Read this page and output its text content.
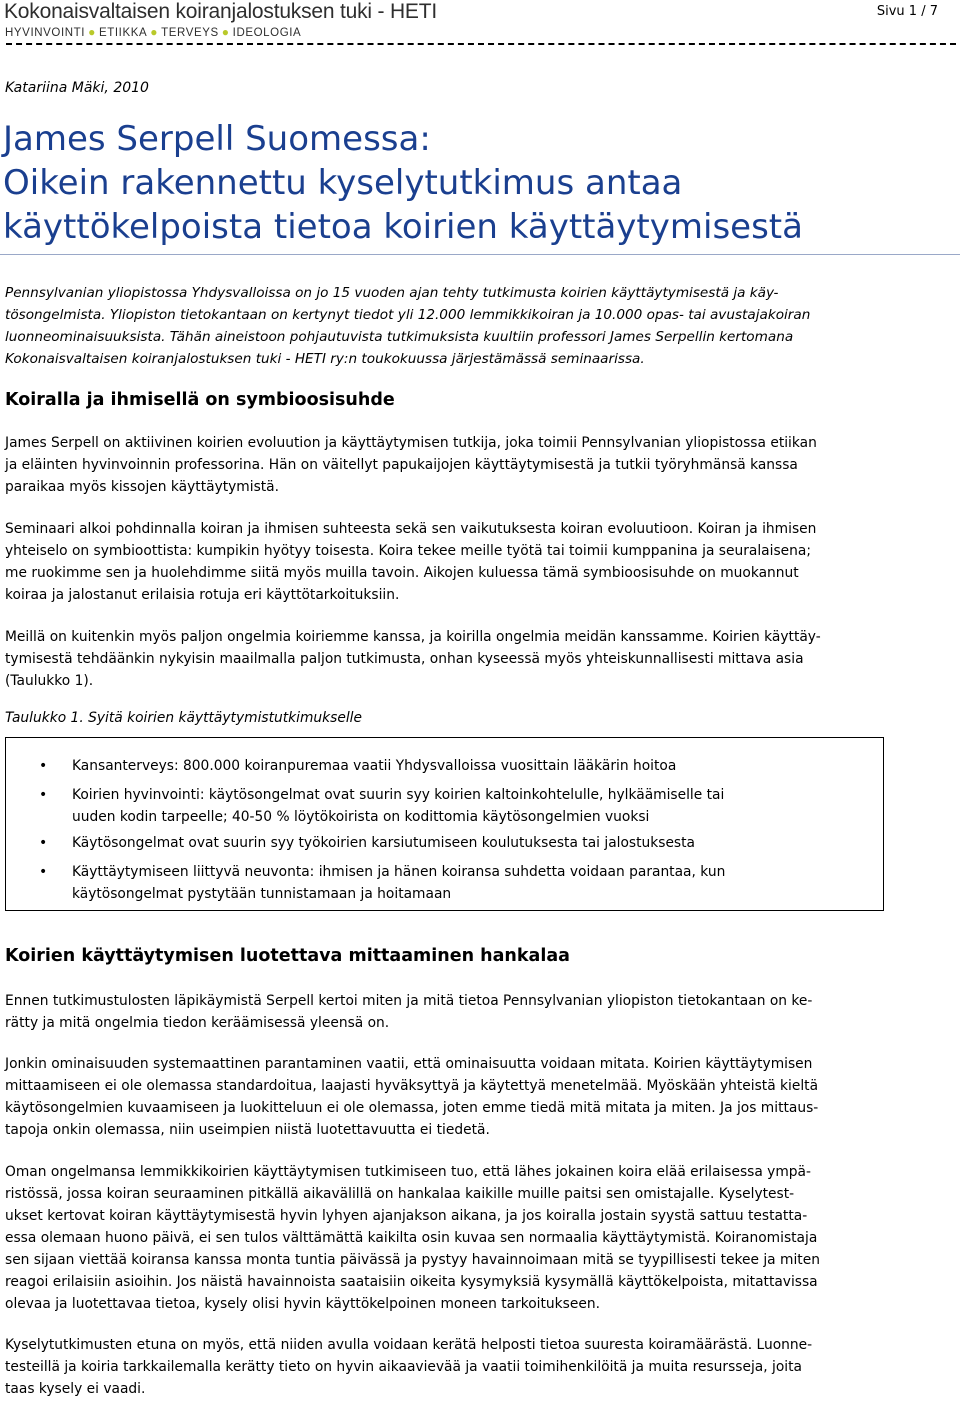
Kokonaisvaltaisen koiranjalostuksen tuki - HETI
HYVINVOINTI ● ETIIKKA ● TERVEYS ● IDEOLOGIA
Sivu 1 / 7
Katariina Mäki, 2010
James Serpell Suomessa:
Oikein rakennettu kyselytutkimus antaa
käyttökelpoista tietoa koirien käyttäytymisestä

Pennsylvanian yliopistossa Yhdysvalloissa on jo 15 vuoden ajan tehty tutkimusta koirien käyttäytymisestä ja käy-
tösongelmista. Yliopiston tietokantaan on kertynyt tiedot yli 12.000 lemmikkikoiran ja 10.000 opas- tai avustajakoiran
luonneominaisuuksista. Tähän aineistoon pohjautuvista tutkimuksista kuultiin professori James Serpellin kertomana
Kokonaisvaltaisen koiranjalostuksen tuki - HETI ry:n toukokuussa järjestämässä seminaarissa.

Koiralla ja ihmisellä on symbioosisuhde

James Serpell on aktiivinen koirien evoluution ja käyttäytymisen tutkija, joka toimii Pennsylvanian yliopistossa etiikan
ja eläinten hyvinvoinnin professorina. Hän on väitellyt papukaijojen käyttäytymisestä ja tutkii työryhmänsä kanssa
paraikaa myös kissojen käyttäytymistä.

Seminaari alkoi pohdinnalla koiran ja ihmisen suhteesta sekä sen vaikutuksesta koiran evoluutioon. Koiran ja ihmisen
yhteiselo on symbioottista: kumpikin hyötyy toisesta. Koira tekee meille työtä tai toimii kumppanina ja seuralaisena;
me ruokimme sen ja huolehdimme siitä myös muilla tavoin. Aikojen kuluessa tämä symbioosisuhde on muokannut
koiraa ja jalostanut erilaisia rotuja eri käyttötarkoituksiin.

Meillä on kuitenkin myös paljon ongelmia koiriemme kanssa, ja koirilla ongelmia meidän kanssamme. Koirien käyttäy-
tymisestä tehdäänkin nykyisin maailmalla paljon tutkimusta, onhan kyseessä myös yhteiskunnallisesti mittava asia
(Taulukko 1).

Taulukko 1. Syitä koirien käyttäytymistutkimukselle
• Kansanterveys: 800.000 koiranpuremaa vaatii Yhdysvalloissa vuosittain lääkärin hoitoa
• Koirien hyvinvointi: käytösongelmat ovat suurin syy koirien kaltoinkohtelulle, hylkäämiselle tai
uuden kodin tarpeelle; 40-50 % löytökoirista on kodittomia käytösongelmien vuoksi
• Käytösongelmat ovat suurin syy työkoirien karsiutumiseen koulutuksesta tai jalostuksesta
• Käyttäytymiseen liittyvä neuvonta: ihmisen ja hänen koiransa suhdetta voidaan parantaa, kun
käytösongelmat pystytään tunnistamaan ja hoitamaan
Koirien käyttäytymisen luotettava mittaaminen hankalaa

Ennen tutkimustulosten läpikäymistä Serpell kertoi miten ja mitä tietoa Pennsylvanian yliopiston tietokantaan on ke-
rätty ja mitä ongelmia tiedon keräämisessä yleensä on.

Jonkin ominaisuuden systemaattinen parantaminen vaatii, että ominaisuutta voidaan mitata. Koirien käyttäytymisen
mittaamiseen ei ole olemassa standardoitua, laajasti hyväksyttyä ja käytettyä menetelmää. Myöskään yhteistä kieltä
käytösongelmien kuvaamiseen ja luokitteluun ei ole olemassa, joten emme tiedä mitä mitata ja miten. Ja jos mittaus-
tapoja onkin olemassa, niin useimpien niistä luotettavuutta ei tiedetä.

Oman ongelmansa lemmikkikoirien käyttäytymisen tutkimiseen tuo, että lähes jokainen koira elää erilaisessa ympä-
ristössä, jossa koiran seuraaminen pitkällä aikavälillä on hankalaa kaikille muille paitsi sen omistajalle. Kyselytest-
ukset kertovat koiran käyttäytymisestä hyvin lyhyen ajanjakson aikana, ja jos koiralla jostain syystä sattuu testatta-
essa olemaan huono päivä, ei sen tulos välttämättä kaikilta osin kuvaa sen normaalia käyttäytymistä. Koiranomistaja
sen sijaan viettää koiransa kanssa monta tuntia päivässä ja pystyy havainnoimaan mitä se tyypillisesti tekee ja miten
reagoi erilaisiin asioihin. Jos näistä havainnoista saataisiin oikeita kysymyksiä kysymällä käyttökelpoista, mitattavissa
olevaa ja luotettavaa tietoa, kysely olisi hyvin käyttökelpoinen moneen tarkoitukseen.

Kyselytutkimusten etuna on myös, että niiden avulla voidaan kerätä helposti tietoa suuresta koiramäärästä. Luonne-
testeillä ja koiria tarkkailemalla kerätty tieto on hyvin aikaavievää ja vaatii toimihenkilöitä ja muita resursseja, joita
taas kysely ei vaadi.
